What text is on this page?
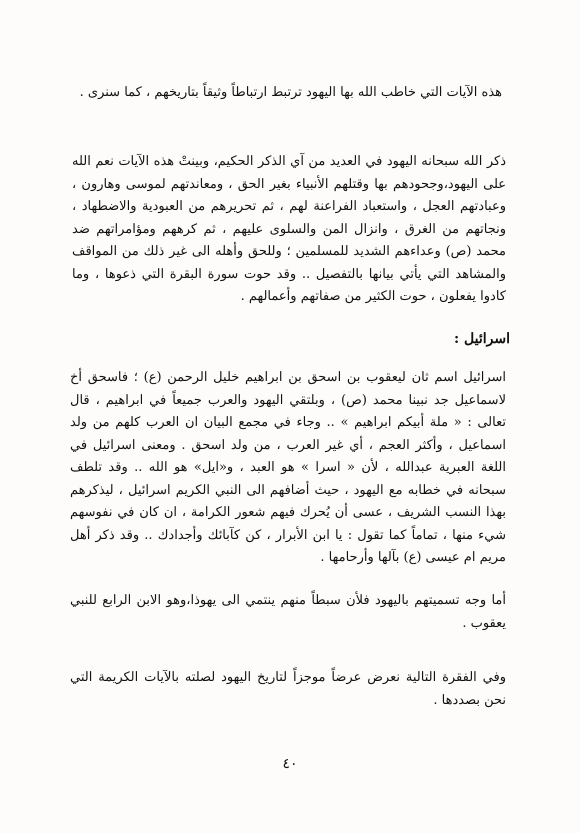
هذه الآيات التي خاطب الله بها اليهود ترتبط ارتباطاً وثيقاً بتاريخهم ، كما سنرى .

ذكر الله سبحانه اليهود في العديد من آي الذكر الحكيم، وبينتْ هذه الآيات نعم الله على اليهود،وجحودهم بها وقتلهم الأنبياء بغير الحق ، ومعاندتهم لموسى وهارون ، وعبادتهم العجل ، واستعباد الفراعنة لهم ، ثم تحريرهم من العبودية والاضطهاد ، ونجاتهم من الغرق ، وانزال المن والسلوى عليهم ، ثم كرههم ومؤامراتهم ضد محمد (ص) وعداءهم الشديد للمسلمين ؛ وللحق وأهله الى غير ذلك من المواقف والمشاهد التي يأتي بيانها بالتفصيل .. وقد حوت سورة البقرة التي ذعوها ، وما كادوا يفعلون ، حوت الكثير من صفاتهم وأعمالهم .

اسرائيل :

اسرائيل اسم ثان ليعقوب بن اسحق بن ابراهيم خليل الرحمن (ع) ؛ فاسحق أخ لاسماعيل جد نبينا محمد (ص) ، وبلتقي اليهود والعرب جميعاً في ابراهيم ، قال تعالى : « ملة أبيكم ابراهيم » .. وجاء في مجمع البيان ان العرب كلهم من ولد اسماعيل ، وأكثر العجم ، أي غير العرب ، من ولد اسحق . ومعنى اسرائيل في اللغة العبرية عبدالله ، لأن « اسرا » هو العبد ، و«ايل» هو الله .. وقد تلطف سبحانه في خطابه مع اليهود ، حيث أضافهم الى النبي الكريم اسرائيل ، ليذكرهم بهذا النسب الشريف ، عسى أن يُحرك فيهم شعور الكرامة ، ان كان في نفوسهم شيء منها ، تماماً كما تقول : يا ابن الأبرار ، كن كآبائك وأجدادك .. وقد ذكر أهل مريم ام عيسى (ع) بآلها وأرحامها .

أما وجه تسميتهم باليهود فلأن سبطاً منهم ينتمي الى يهوذا،وهو الابن الرابع للنبي يعقوب .

وفي الفقرة التالية نعرض عرضاً موجزاً لتاريخ اليهود لصلته بالآيات الكريمة التي نحن بصددها .

٤٠
